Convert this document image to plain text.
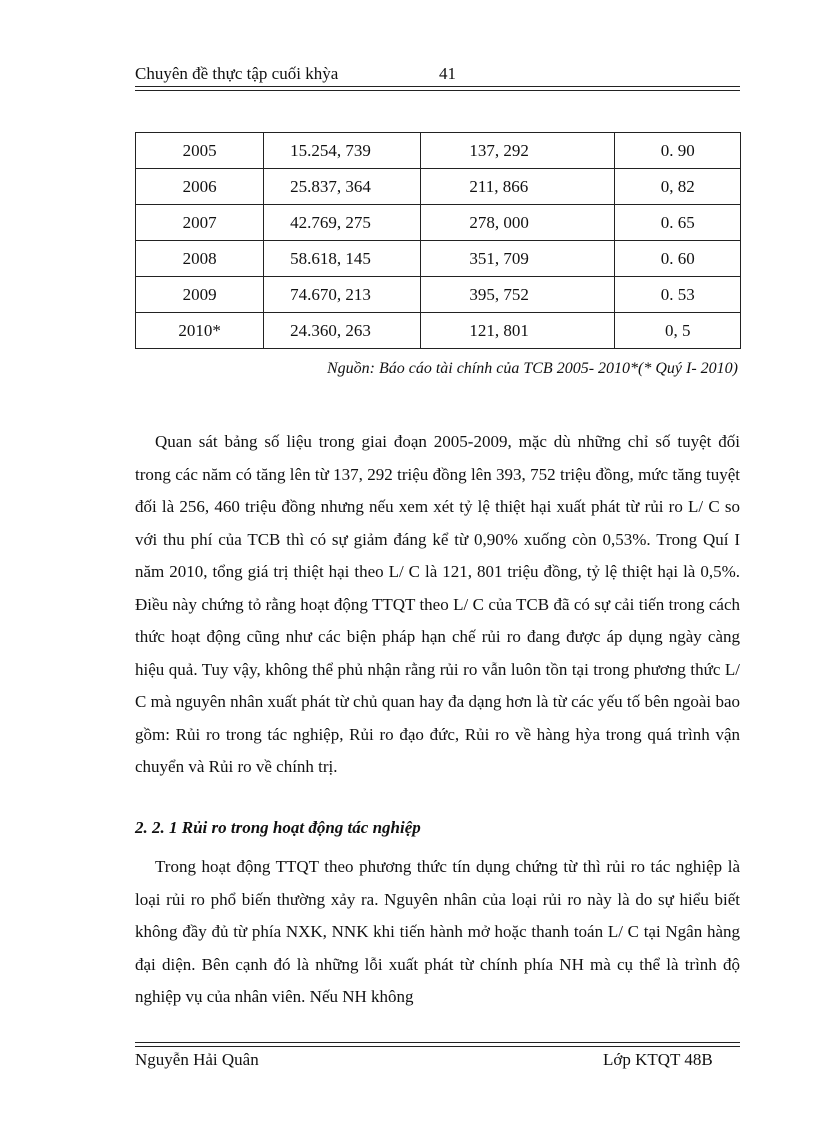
Chuyên đề thực tập cuối khỳa	41
2005	15.254, 739	137, 292	0. 90
2006	25.837, 364	211, 866	0, 82
2007	42.769, 275	278, 000	0. 65
2008	58.618, 145	351, 709	0. 60
2009	74.670, 213	395, 752	0. 53
2010*	24.360, 263	121, 801	0, 5
Nguồn: Báo cáo tài chính của TCB 2005- 2010*(* Quý I- 2010)
Quan sát bảng số liệu trong giai đoạn 2005-2009, mặc dù những chỉ số tuyệt đối trong các năm có tăng lên từ 137, 292 triệu đồng lên 393, 752 triệu đồng, mức tăng tuyệt đối là 256, 460 triệu đồng nhưng nếu xem xét tỷ lệ thiệt hại xuất phát từ rủi ro L/ C so với thu phí của TCB thì có sự giảm đáng kể từ 0,90% xuống còn 0,53%. Trong Quí I năm 2010, tổng giá trị thiệt hại theo L/ C là 121, 801 triệu đồng, tỷ lệ thiệt hại là 0,5%. Điều này chứng tỏ rằng hoạt động TTQT theo L/ C của TCB đã có sự cải tiến trong cách thức hoạt động cũng như các biện pháp hạn chế rủi ro đang được áp dụng ngày càng hiệu quả. Tuy vậy, không thể phủ nhận rằng rủi ro vẫn luôn tồn tại trong phương thức L/ C mà nguyên nhân xuất phát từ chủ quan hay đa dạng hơn là từ các yếu tố bên ngoài bao gồm: Rủi ro trong tác nghiệp, Rủi ro đạo đức, Rủi ro về hàng hỳa trong quá trình vận chuyển và Rủi ro về chính trị.
2. 2. 1 Rủi ro trong hoạt động tác nghiệp
Trong hoạt động TTQT theo phương thức tín dụng chứng từ thì rủi ro tác nghiệp là loại rủi ro phổ biến thường xảy ra. Nguyên nhân của loại rủi ro này là do sự hiểu biết không đầy đủ từ phía NXK, NNK khi tiến hành mở hoặc thanh toán L/ C tại Ngân hàng đại diện. Bên cạnh đó là những lỗi xuất phát từ chính phía NH mà cụ thể là trình độ nghiệp vụ của nhân viên. Nếu NH không
Nguyễn Hải Quân	Lớp KTQT 48B
